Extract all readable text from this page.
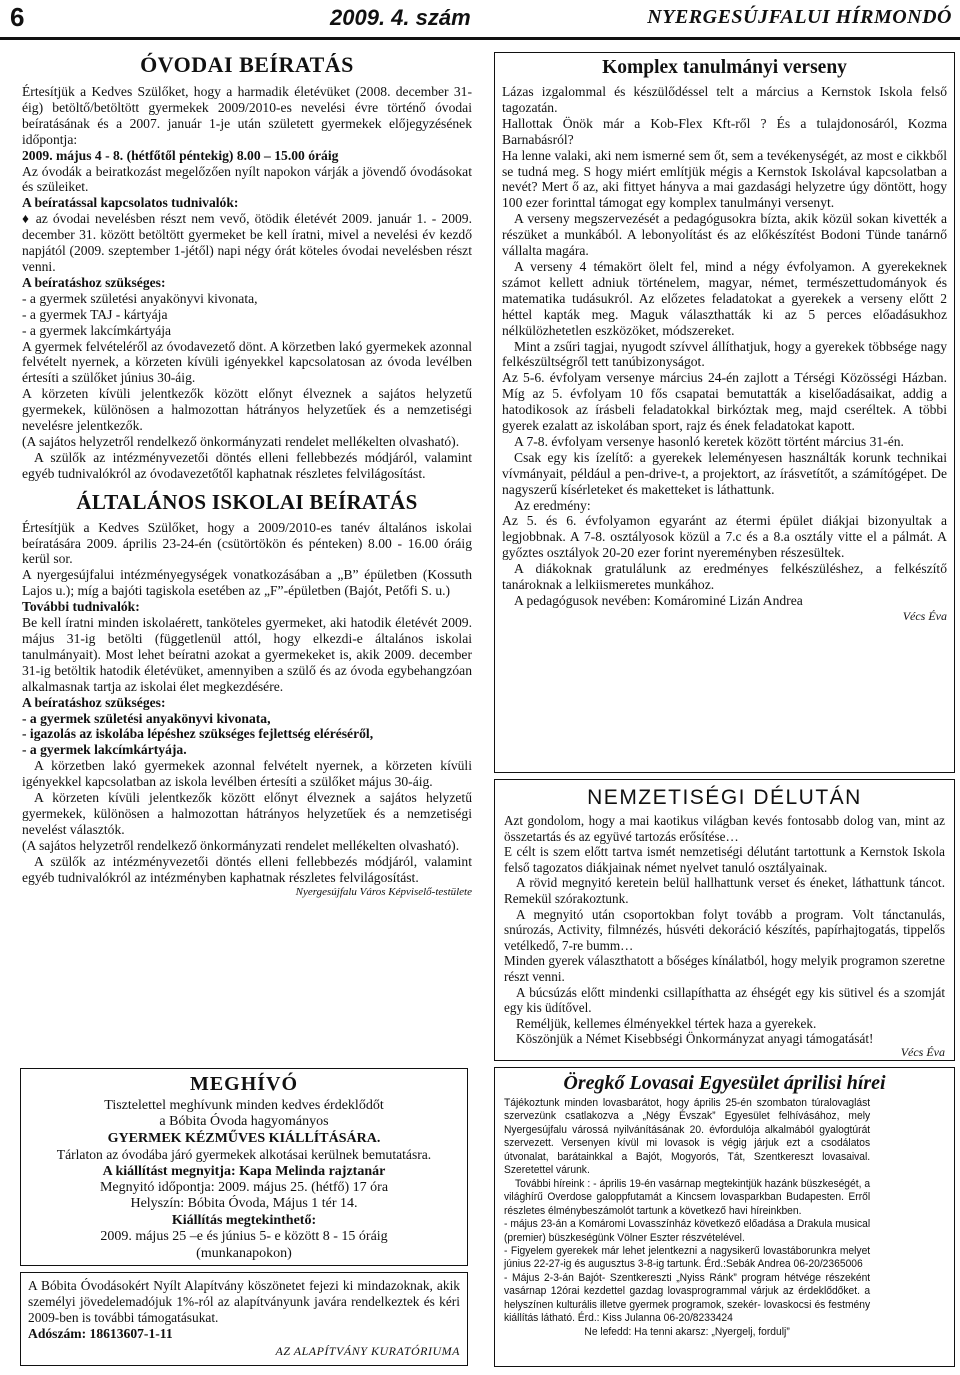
6	2009. 4. szám	NYERGESÚJFALUI HÍRMONDÓ
ÓVODAI BEÍRATÁS
Értesítjük a Kedves Szülőket, hogy a harmadik életévüket (2008. december 31-éig) betöltő/betöltött gyermekek 2009/2010-es nevelési évre történő óvodai beíratásának és a 2007. január 1-je után született gyermekek előjegyzésének időpontja:
2009. május 4 - 8. (hétfőtől péntekig) 8.00 – 15.00 óráig
Az óvodák a beiratkozást megelőzően nyílt napokon várják a jövendő óvodásokat és szüleiket.
A beíratással kapcsolatos tudnivalók:
♦ az óvodai nevelésben részt nem vevő, ötödik életévét 2009. január 1. - 2009. december 31. között betöltött gyermeket be kell íratni, mivel a nevelési év kezdő napjától (2009. szeptember 1-jétől) napi négy órát köteles óvodai nevelésben részt venni.
A beíratáshoz szükséges:
- a gyermek születési anyakönyvi kivonata,
- a gyermek TAJ - kártyája
- a gyermek lakcímkártyája
A gyermek felvételéről az óvodavezető dönt. A körzetben lakó gyermekek azonnal felvételt nyernek, a körzeten kívüli igényekkel kapcsolatosan az óvoda levélben értesíti a szülőket június 30-áig.
A körzeten kívüli jelentkezők között előnyt élveznek a sajátos helyzetű gyermekek, különösen a halmozottan hátrányos helyzetűek és a nemzetiségi nevelésre jelentkezők.
(A sajátos helyzetről rendelkező önkormányzati rendelet mellékelten olvasható).
A szülők az intézményvezetői döntés elleni fellebbezés módjáról, valamint egyéb tudnivalókról az óvodavezetőtől kaphatnak részletes felvilágosítást.
ÁLTALÁNOS ISKOLAI BEÍRATÁS
Értesítjük a Kedves Szülőket, hogy a 2009/2010-es tanév általános iskolai beíratására 2009. április 23-24-én (csütörtökön és pénteken) 8.00 - 16.00 óráig kerül sor.
A nyergesújfalui intézményegységek vonatkozásában a „B” épületben (Kossuth Lajos u.); míg a bajóti tagiskola esetében az „F”-épületben (Bajót, Petőfi S. u.)
További tudnivalók:
Be kell íratni minden iskolaérett, tanköteles gyermeket, aki hatodik életévét 2009. május 31-ig betölti (függetlenül attól, hogy elkezdi-e általános iskolai tanulmányait). Most lehet beíratni azokat a gyermekeket is, akik 2009. december 31-ig betöltik hatodik életévüket, amennyiben a szülő és az óvoda egybehangzóan alkalmasnak tartja az iskolai élet megkezdésére.
A beíratáshoz szükséges:
- a gyermek születési anyakönyvi kivonata,
- igazolás az iskolába lépéshez szükséges fejlettség eléréséről,
- a gyermek lakcímkártyája.
A körzetben lakó gyermekek azonnal felvételt nyernek, a körzeten kívüli igényekkel kapcsolatban az iskola levélben értesíti a szülőket május 30-áig.
A körzeten kívüli jelentkezők között előnyt élveznek a sajátos helyzetű gyermekek, különösen a halmozottan hátrányos helyzetűek és a nemzetiségi nevelést választók.
(A sajátos helyzetről rendelkező önkormányzati rendelet mellékelten olvasható).
A szülők az intézményvezetői döntés elleni fellebbezés módjáról, valamint egyéb tudnivalókról az intézményben kaphatnak részletes felvilágosítást.
Nyergesújfalu Város Képviselő-testülete
MEGHÍVÓ
Tisztelettel meghívunk minden kedves érdeklődőt
a Bóbita Óvoda hagyományos
GYERMEK KÉZMŰVES KIÁLLÍTÁSÁRA.
Tárlaton az óvodába járó gyermekek alkotásai kerülnek bemutatásra.
A kiállítást megnyitja: Kapa Melinda rajztanár
Megnyitó időpontja: 2009. május 25. (hétfő) 17 óra
Helyszín: Bóbita Óvoda, Május 1 tér 14.
Kiállítás megtekinthető:
2009. május 25 –e és június 5- e között 8 - 15 óráig
(munkanapokon)
A Bóbita Óvodásokért Nyílt Alapítvány köszönetet fejezi ki mindazoknak, akik személyi jövedelemadójuk 1%-ról az alapítványunk javára rendelkeztek és kéri 2009-ben is további támogatásukat.
Adószám: 18613607-1-11
AZ ALAPÍTVÁNY KURATÓRIUMA
Komplex tanulmányi verseny
Lázas izgalommal és készülődéssel telt a március a Kernstok Iskola felső tagozatán.
Hallottak Önök már a Kob-Flex Kft-ről ? És a tulajdonosáról, Kozma Barnabásról?
Ha lenne valaki, aki nem ismerné sem őt, sem a tevékenységét, az most e cikkből se tudná meg. S hogy miért említjük mégis a Kernstok Iskolával kapcsolatban a nevét? Mert ő az, aki fittyet hányva a mai gazdasági helyzetre úgy döntött, hogy 100 ezer forinttal támogat egy komplex tanulmányi versenyt.
A verseny megszervezését a pedagógusokra bízta, akik közül sokan kivették a részüket a munkából. A lebonyolítást és az előkészítést Bodoni Tünde tanárnő vállalta magára.
A verseny 4 témakört ölelt fel, mind a négy évfolyamon. A gyerekeknek számot kellett adniuk történelem, magyar, német, természettudományok és matematika tudásukról. Az előzetes feladatokat a gyerekek a verseny előtt 2 héttel kapták meg. Maguk választhatták ki az 5 perces előadásukhoz nélkülözhetetlen eszközöket, módszereket.
Mint a zsűri tagjai, nyugodt szívvel állíthatjuk, hogy a gyerekek többsége nagy felkészültségről tett tanúbizonyságot.
Az 5-6. évfolyam versenye március 24-én zajlott a Térségi Közösségi Házban. Míg az 5. évfolyam 10 fős csapatai bemutatták a kiselőadásaikat, addig a hatodikosok az írásbeli feladatokkal birkóztak meg, majd cseréltek. A többi gyerek ezalatt az iskolában sport, rajz és ének feladatokat kapott.
A 7-8. évfolyam versenye hasonló keretek között történt március 31-én.
Csak egy kis ízelítő: a gyerekek leleményesen használták korunk technikai vívmányait, például a pen-drive-t, a projektort, az írásvetítőt, a számítógépet. De nagyszerű kísérleteket és maketteket is láthattunk.
Az eredmény:
Az 5. és 6. évfolyamon egyaránt az étermi épület diákjai bizonyultak a legjobbnak. A 7-8. osztályosok közül a 7.c és a 8.a osztály vitte el a pálmát. A győztes osztályok 20-20 ezer forint nyereményben részesültek.
A diákoknak gratulálunk az eredményes felkészüléshez, a felkészítő tanároknak a lelkiismeretes munkához.
A pedagógusok nevében: Komárominé Lizán Andrea
Vécs Éva
NEMZETISÉGI DÉLUTÁN
Azt gondolom, hogy a mai kaotikus világban kevés fontosabb dolog van, mint az összetartás és az együvé tartozás erősítése…
E célt is szem előtt tartva ismét nemzetiségi délutánt tartottunk a Kernstok Iskola felső tagozatos diákjainak német nyelvet tanuló osztályainak.
A rövid megnyitó keretein belül hallhattunk verset és éneket, láthattunk táncot. Remekül szórakoztunk.
A megnyitó után csoportokban folyt tovább a program. Volt tánctanulás, snúrozás, Activity, filmnézés, húsvéti dekoráció készítés, papírhajtogatás, tippelős vetélkedő, 7-re bumm…
Minden gyerek választhatott a bőséges kínálatból, hogy melyik programon szeretne részt venni.
A búcsúzás előtt mindenki csillapíthatta az éhségét egy kis sütivel és a szomját egy kis üdítővel.
Reméljük, kellemes élményekkel tértek haza a gyerekek.
Köszönjük a Német Kisebbségi Önkormányzat anyagi támogatását!
Vécs Éva
Öregkő Lovasai Egyesület áprilisi hírei
Tájékoztunk minden lovasbarátot, hogy április 25-én szombaton túralovaglást szervezünk csatlakozva a „Négy Évszak” Egyesület felhívásához, mely Nyergesújfalu várossá nyilvánításának 20. évfordulója alkalmából gyalogtúrát szervezett. Versenyen kívül mi lovasok is végig járjuk ezt a csodálatos útvonalat, barátainkkal a Bajót, Mogyorós, Tát, Szentkereszt lovasaival. Szeretettel várunk.
További híreink : - április 19-én vasárnap megtekintjük hazánk büszkeségét, a világhírű Overdose galoppfutamát a Kincsem lovasparkban Budapesten. Erről részletes élménybeszámolót tartunk a következő havi híreinkben.
- május 23-án a Komáromi Lovasszínház következő előadása a Drakula musical (premier) büszkeségünk Völner Eszter részvételével.
- Figyelem gyerekek már lehet jelentkezni a nagysikerű lovastáborunkra melyet június 22-27-ig és augusztus 3-8-ig tartunk. Érd.:Sebák Andrea 06-20/2365006
- Május 2-3-án Bajót- Szentkereszti „Nyiss Ránk” program hétvége részeként vasárnap 12órai kezdettel gazdag lovasprogrammal várjuk az érdeklődőket. a helyszínen kulturális illetve gyermek programok, szekér- lovaskocsi és festmény kiállítás látható. Érd.: Kiss Julanna 06-20/8233424
Ne lefedd: Ha tenni akarsz: „Nyergelj, fordulj”
